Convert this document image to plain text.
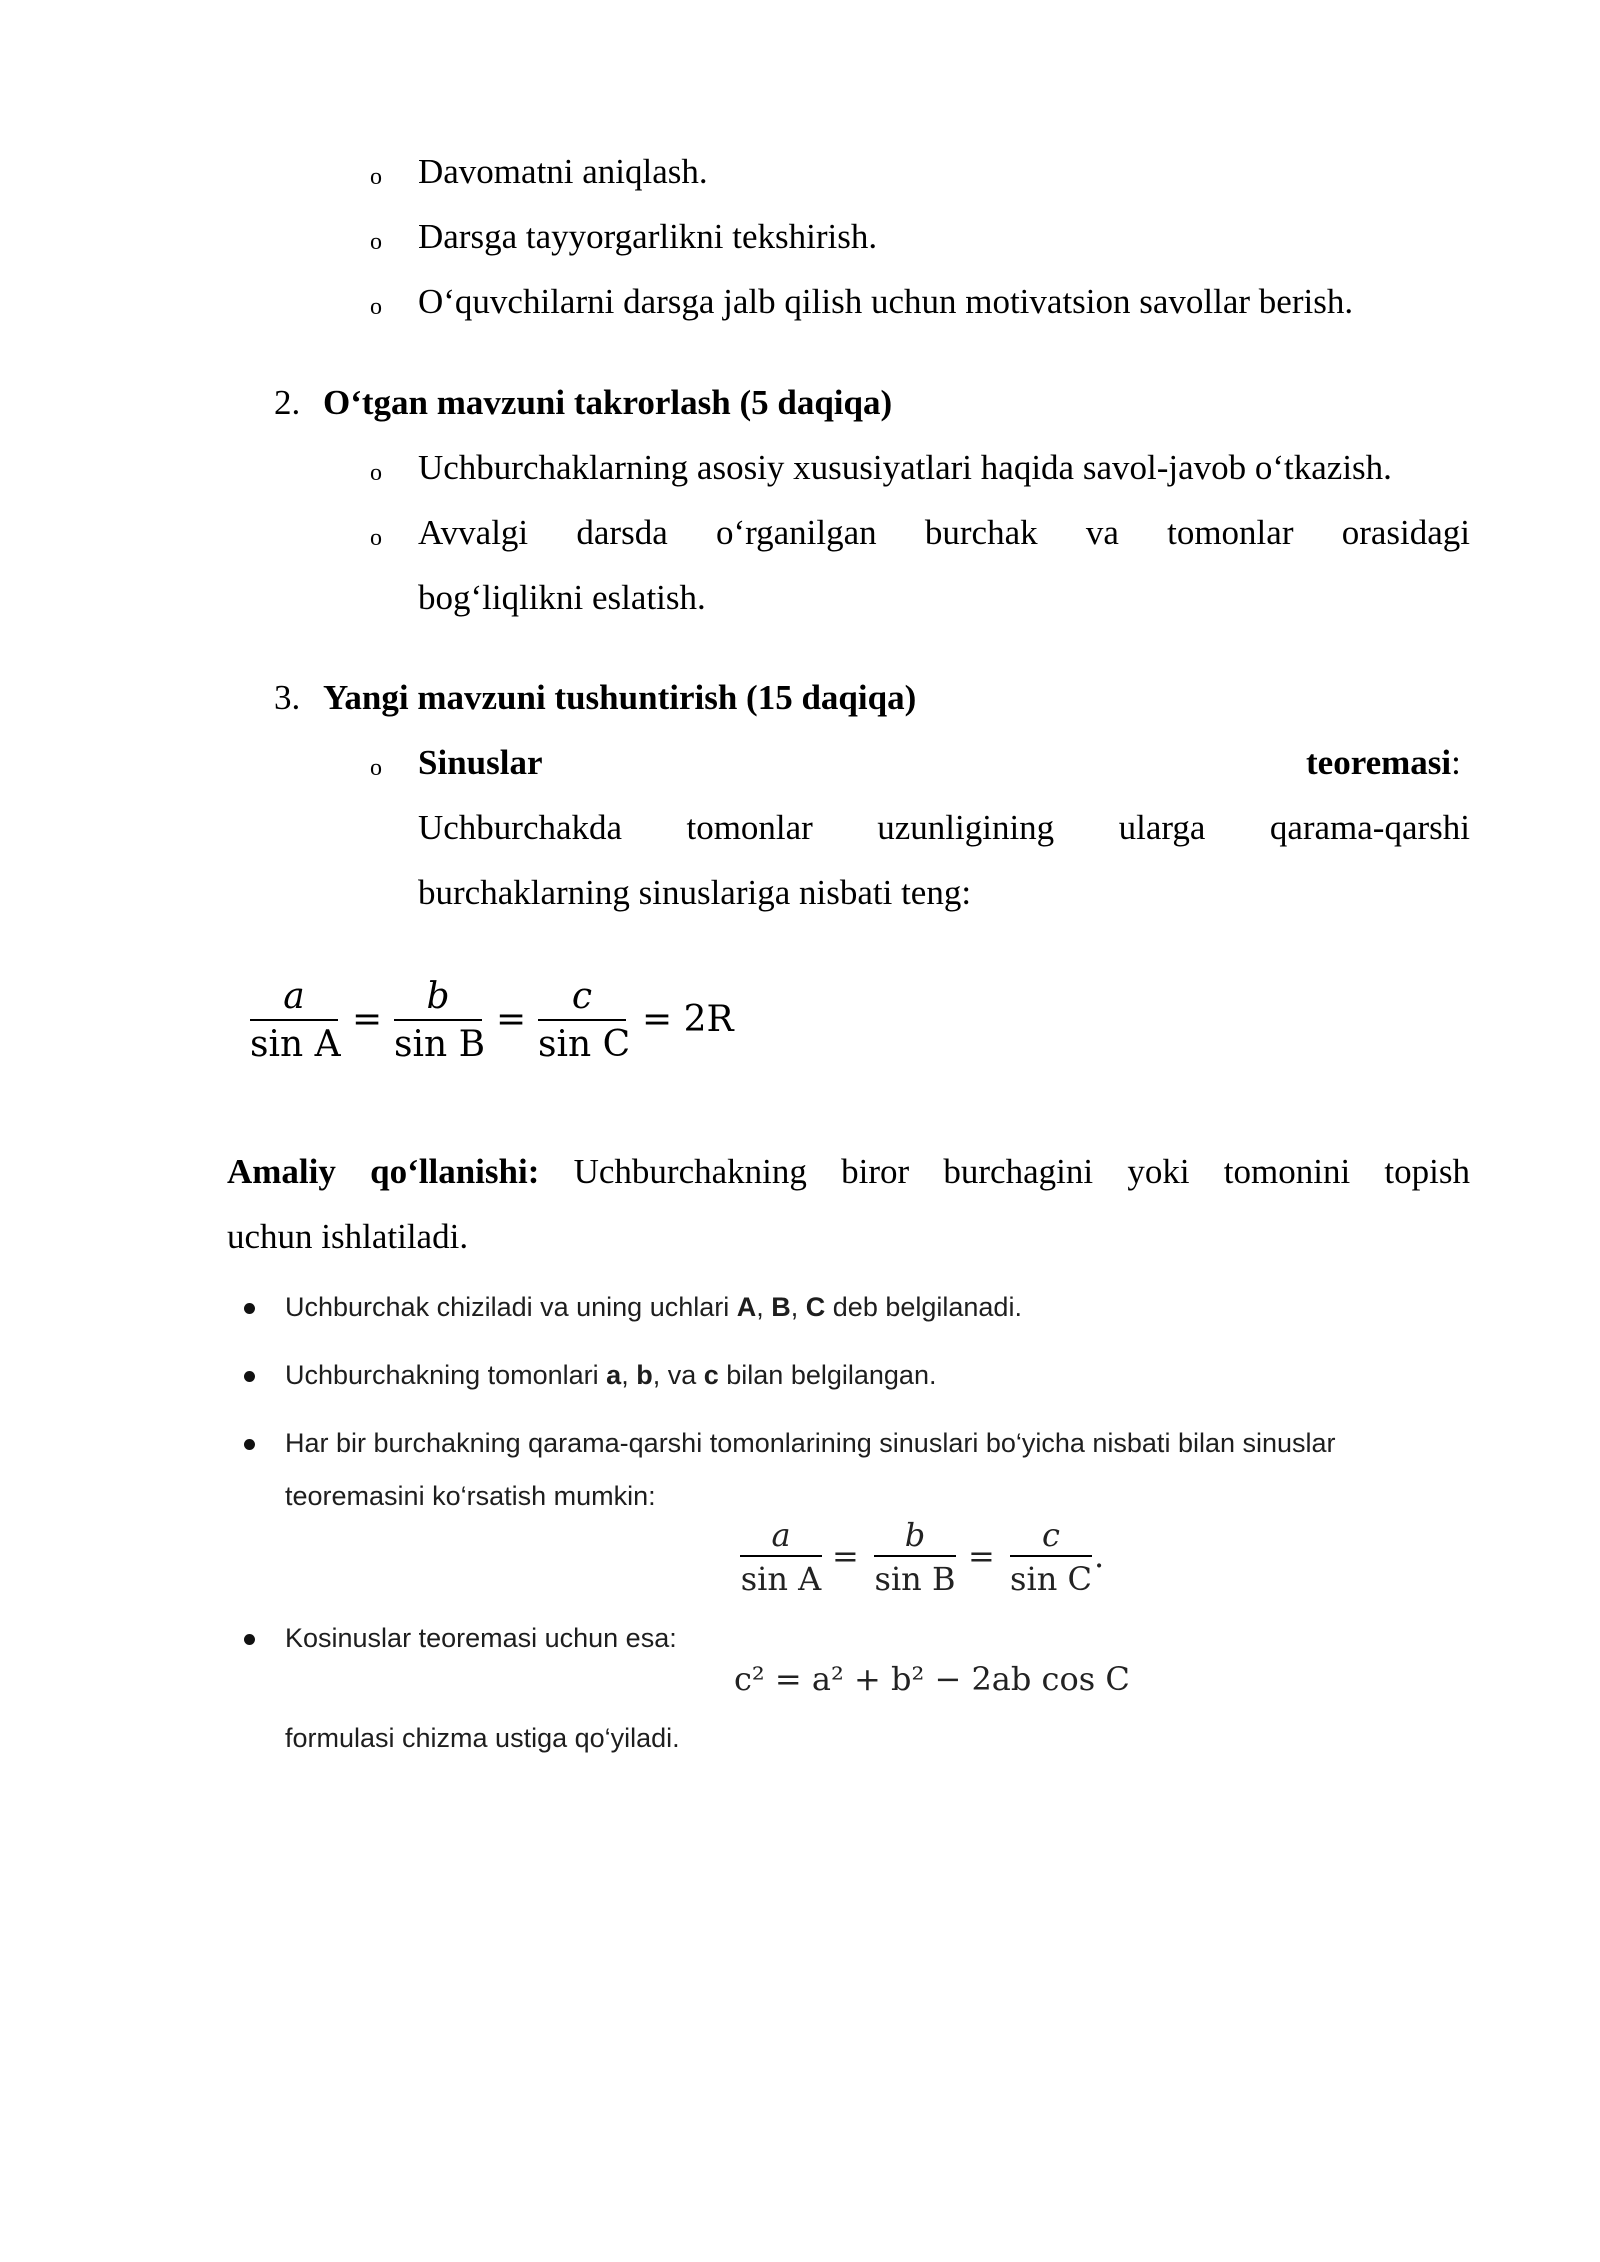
o Davomatni aniqlash.
o Darsga tayyorgarlikni tekshirish.
o O‘quvchilarni darsga jalb qilish uchun motivatsion savollar berish.
2. O‘tgan mavzuni takrorlash (5 daqiqa)
o Uchburchaklarning asosiy xususiyatlari haqida savol-javob o‘tkazish.
o Avvalgi darsda o‘rganilgan burchak va tomonlar orasidagi
bog‘liqlikni eslatish.
3. Yangi mavzuni tushuntirish (15 daqiqa)
o Sinuslar	teoremasi:
Uchburchakda tomonlar uzunligining ularga qarama-qarshi
burchaklarning sinuslariga nisbati teng:
a
sin A
=
b
sin B
=
c
sin C
= 2R
Amaliy qo‘llanishi: Uchburchakning biror burchagini yoki tomonini topish
uchun ishlatiladi.
Uchburchak chiziladi va uning uchlari A, B, C deb belgilanadi.
Uchburchakning tomonlari a, b, va c bilan belgilangan.
Har bir burchakning qarama-qarshi tomonlarining sinuslari bo‘yicha nisbati bilan sinuslar
teoremasini ko‘rsatish mumkin:
a
sin A
=
b
sin B
=
c
sin C
.
Kosinuslar teoremasi uchun esa:
c² = a² + b² − 2ab cos C
formulasi chizma ustiga qo‘yiladi.
